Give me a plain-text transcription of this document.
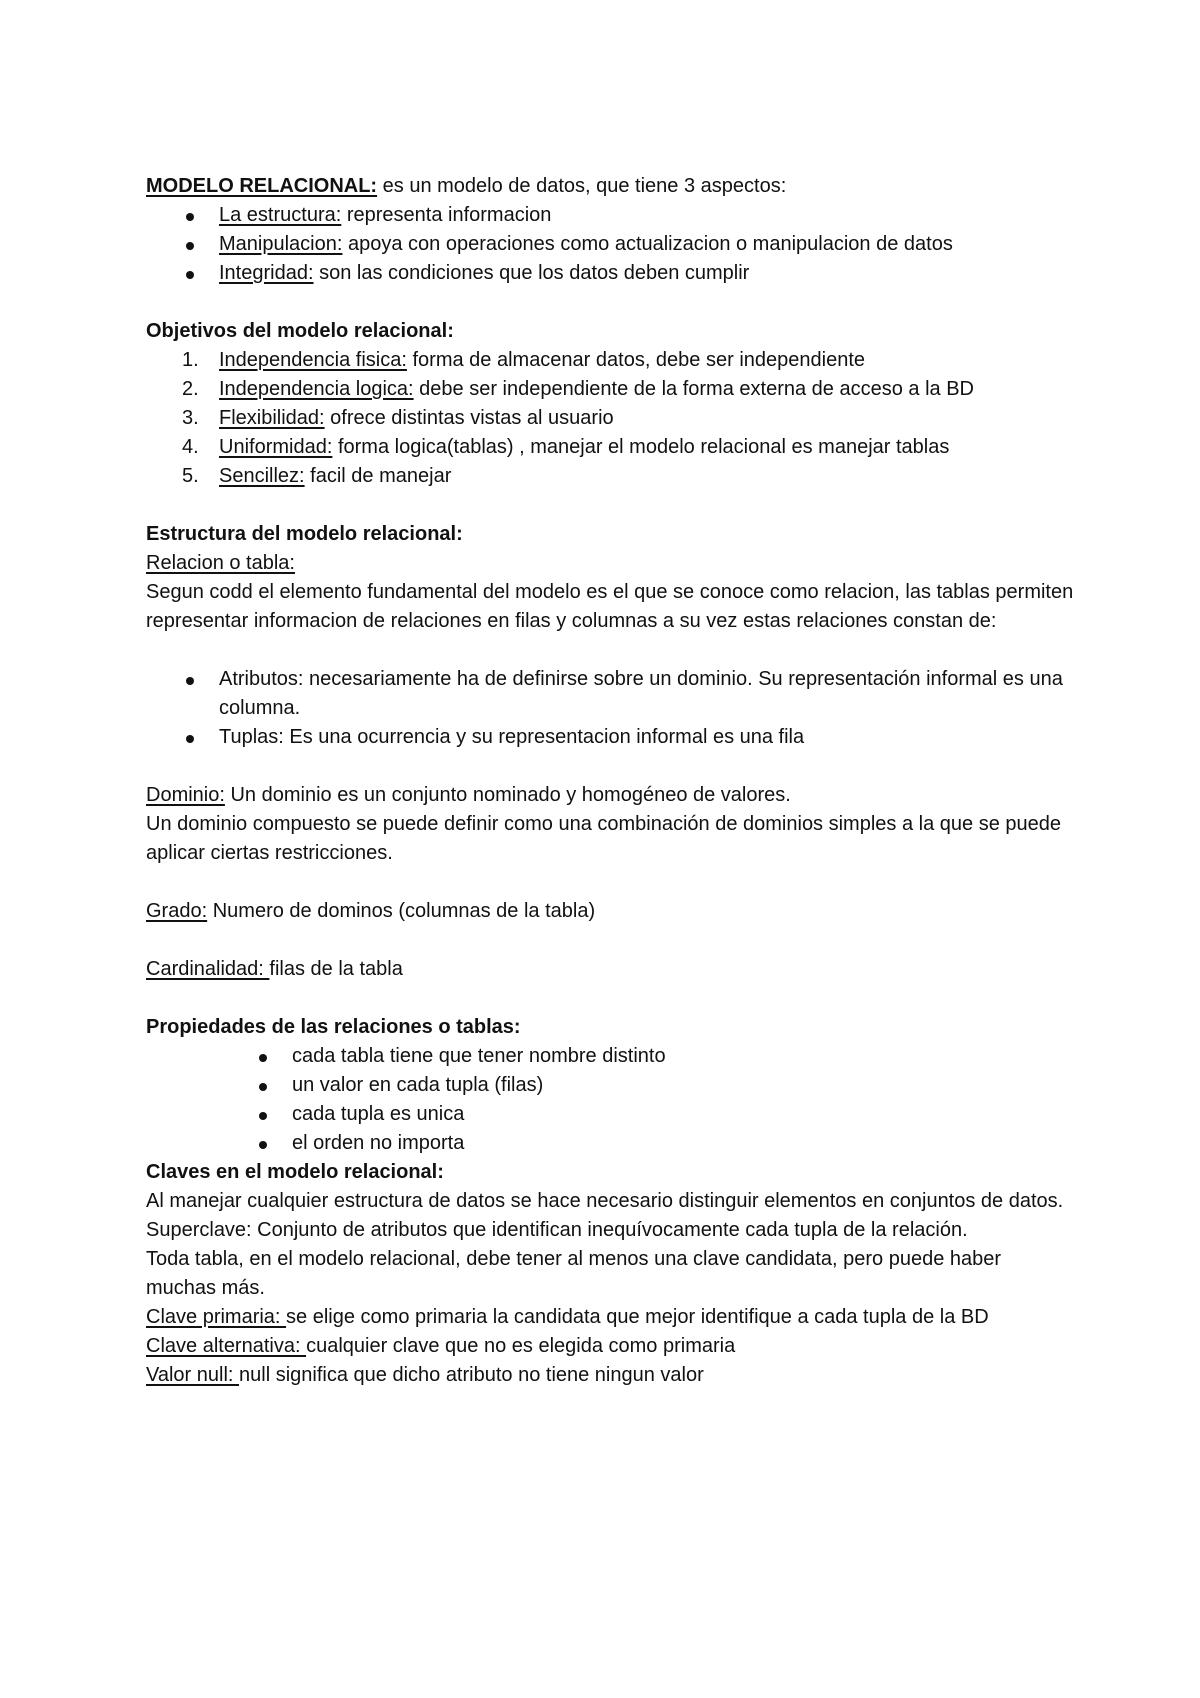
MODELO RELACIONAL: es un modelo de datos, que tiene 3 aspectos:

La estructura: representa informacion
Manipulacion: apoya con operaciones como actualizacion o manipulacion de datos
Integridad: son las condiciones que los datos deben cumplir

Objetivos del modelo relacional:

1.	Independencia fisica: forma de almacenar datos, debe ser independiente
2.	Independencia logica: debe ser independiente de la forma externa de acceso a la BD
3.	Flexibilidad: ofrece distintas vistas al usuario
4.	Uniformidad: forma logica(tablas) , manejar el modelo relacional es manejar tablas
5.	Sencillez: facil de manejar

Estructura del modelo relacional:

Relacion o tabla:

Segun codd el elemento fundamental del modelo es el que se conoce como relacion, las tablas permiten representar informacion de relaciones en filas y columnas a su vez estas relaciones constan de:

Atributos: necesariamente ha de definirse sobre un dominio. Su representación informal es una columna.
Tuplas: Es una ocurrencia y su representacion informal es una fila

Dominio: Un dominio es un conjunto nominado y homogéneo de valores.

Un dominio compuesto se puede definir como una combinación de dominios simples a la que se puede aplicar ciertas restricciones.

Grado: Numero de dominos (columnas de la tabla)

Cardinalidad: filas de la tabla

Propiedades de las relaciones o tablas:

cada tabla tiene que tener nombre distinto
un valor en cada tupla (filas)
cada tupla es unica
el orden no importa

Claves en el modelo relacional:

Al manejar cualquier estructura de datos se hace necesario distinguir elementos en conjuntos de datos. Superclave: Conjunto de atributos que identifican inequívocamente cada tupla de la relación.

Toda tabla, en el modelo relacional, debe tener al menos una clave candidata, pero puede haber muchas más.

Clave primaria: se elige como primaria la candidata que mejor identifique a cada tupla de la BD

Clave alternativa: cualquier clave que no es elegida como primaria

Valor null: null significa que dicho atributo no tiene ningun valor
